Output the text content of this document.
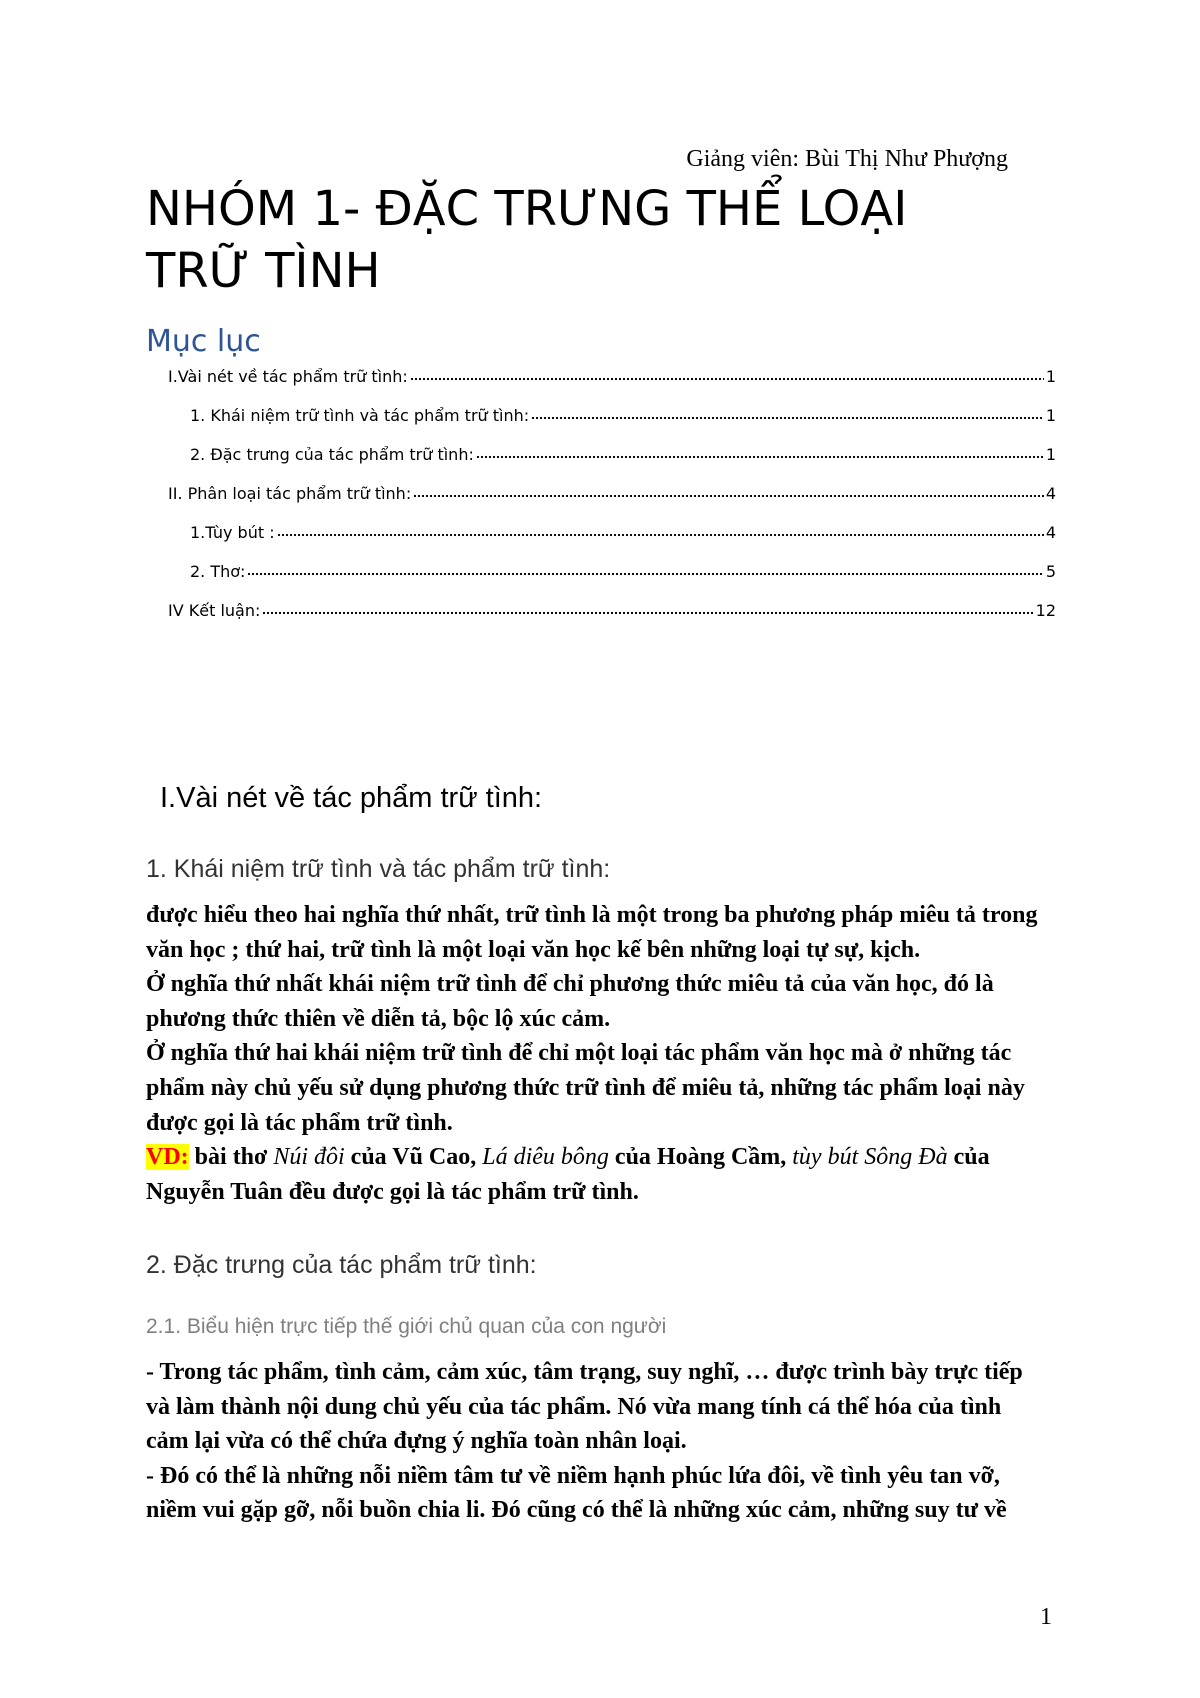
Giảng viên: Bùi Thị Như Phượng
NHÓM 1- ĐẶC TRƯNG THỂ LOẠI
TRỮ TÌNH
Mục lục
I.Vài nét về tác phẩm trữ tình:	1
1. Khái niệm trữ tình và tác phẩm trữ tình:	1
2. Đặc trưng của tác phẩm trữ tình:	1
II. Phân loại tác phẩm trữ tình:	4
1.Tùy bút :	4
2. Thơ:	5
IV Kết luận:	12
I.Vài nét về tác phẩm trữ tình:
1. Khái niệm trữ tình và tác phẩm trữ tình:
được hiểu theo hai nghĩa thứ nhất, trữ tình là một trong ba phương pháp miêu tả trong
văn học ; thứ hai, trữ tình là một loại văn học kế bên những loại tự sự, kịch.
Ở nghĩa thứ nhất khái niệm trữ tình để chỉ phương thức miêu tả của văn học, đó là
phương thức thiên về diễn tả, bộc lộ xúc cảm.
Ở nghĩa thứ hai khái niệm trữ tình để chỉ một loại tác phẩm văn học mà ở những tác
phẩm này chủ yếu sử dụng phương thức trữ tình để miêu tả, những tác phẩm loại này
được gọi là tác phẩm trữ tình.
VD: bài thơ Núi đôi của Vũ Cao, Lá diêu bông của Hoàng Cầm, tùy bút Sông Đà của
Nguyễn Tuân đều được gọi là tác phẩm trữ tình.
2. Đặc trưng của tác phẩm trữ tình:
2.1. Biểu hiện trực tiếp thế giới chủ quan của con người
- Trong tác phẩm, tình cảm, cảm xúc, tâm trạng, suy nghĩ, … được trình bày trực tiếp
và làm thành nội dung chủ yếu của tác phẩm. Nó vừa mang tính cá thể hóa của tình
cảm lại vừa có thể chứa đựng ý nghĩa toàn nhân loại.
- Đó có thể là những nỗi niềm tâm tư về niềm hạnh phúc lứa đôi, về tình yêu tan vỡ,
niềm vui gặp gỡ, nỗi buồn chia li. Đó cũng có thể là những xúc cảm, những suy tư về
1
